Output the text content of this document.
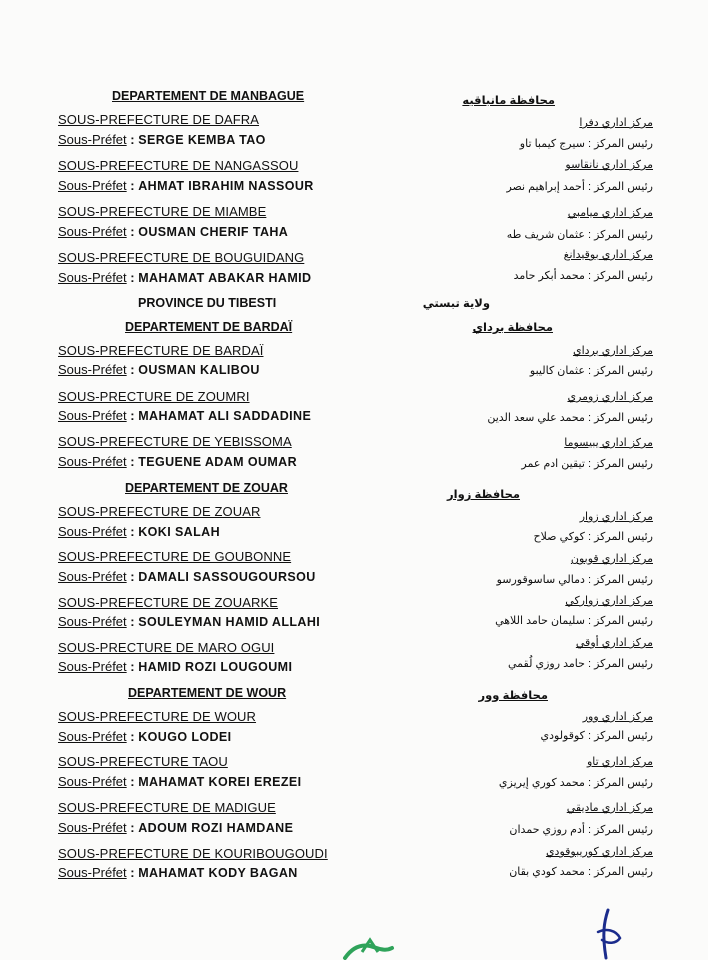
DEPARTEMENT DE MANBAGUE
SOUS-PREFECTURE DE DAFRA
Sous-Préfet : SERGE KEMBA TAO
SOUS-PREFECTURE DE NANGASSOU
Sous-Préfet : AHMAT IBRAHIM NASSOUR
SOUS-PREFECTURE DE MIAMBE
Sous-Préfet : OUSMAN CHERIF TAHA
SOUS-PREFECTURE DE BOUGUIDANG
Sous-Préfet : MAHAMAT ABAKAR HAMID
PROVINCE DU TIBESTI
DEPARTEMENT DE BARDAÏ
SOUS-PREFECTURE DE BARDAÏ
Sous-Préfet : OUSMAN KALIBOU
SOUS-PRECTURE DE ZOUMRI
Sous-Préfet : MAHAMAT ALI SADDADINE
SOUS-PREFECTURE DE YEBISSOMA
Sous-Préfet : TEGUENE ADAM OUMAR
DEPARTEMENT DE ZOUAR
SOUS-PREFECTURE DE ZOUAR
Sous-Préfet : KOKI SALAH
SOUS-PREFECTURE DE GOUBONNE
Sous-Préfet : DAMALI SASSOUGOURSOU
SOUS-PREFECTURE DE ZOUARKE
Sous-Préfet : SOULEYMAN HAMID ALLAHI
SOUS-PRECTURE DE MARO OGUI
Sous-Préfet : HAMID ROZI LOUGOUMI
DEPARTEMENT DE WOUR
SOUS-PREFECTURE DE WOUR
Sous-Préfet : KOUGO LODEI
SOUS-PREFECTURE TAOU
Sous-Préfet : MAHAMAT KOREI EREZEI
SOUS-PREFECTURE DE MADIGUE
Sous-Préfet : ADOUM ROZI HAMDANE
SOUS-PREFECTURE DE KOURIBOUGOUDI
Sous-Préfet : MAHAMAT KODY BAGAN
محافظة مانباقيه
مركز اداري دفرا
رئيس المركز : سيرج كيمبا تاو
مركز اداري نانقاسو
رئيس المركز : أحمد إبراهيم نصر
مركز اداري ميامبي
رئيس المركز : عثمان شريف طه
مركز اداري بوقيدانغ
رئيس المركز : محمد أبكر حامد
ولاية تبستي
محافظة برداي
مركز اداري برداي
رئيس المركز : عثمان كاليبو
مركز اداري زومري
رئيس المركز : محمد علي سعد الدين
مركز اداري يبيسوما
رئيس المركز : تيقين ادم عمر
محافظة زوار
مركز اداري زوار
رئيس المركز : كوكي صلاح
مركز اداري قوبون
رئيس المركز : دمالي ساسوقورسو
مركز اداري زواركي
رئيس المركز : سليمان حامد اللاهي
مركز اداري أوقي
رئيس المركز : حامد روزي لُقمي
محافظة وور
مركز اداري وور
رئيس المركز : كوقولودي
مركز اداري تاو
رئيس المركز : محمد كوري إيريزي
مركز اداري ماديقي
رئيس المركز : أدم روزي حمدان
مركز اداري كوريبوقودي
رئيس المركز : محمد كودي بقان
